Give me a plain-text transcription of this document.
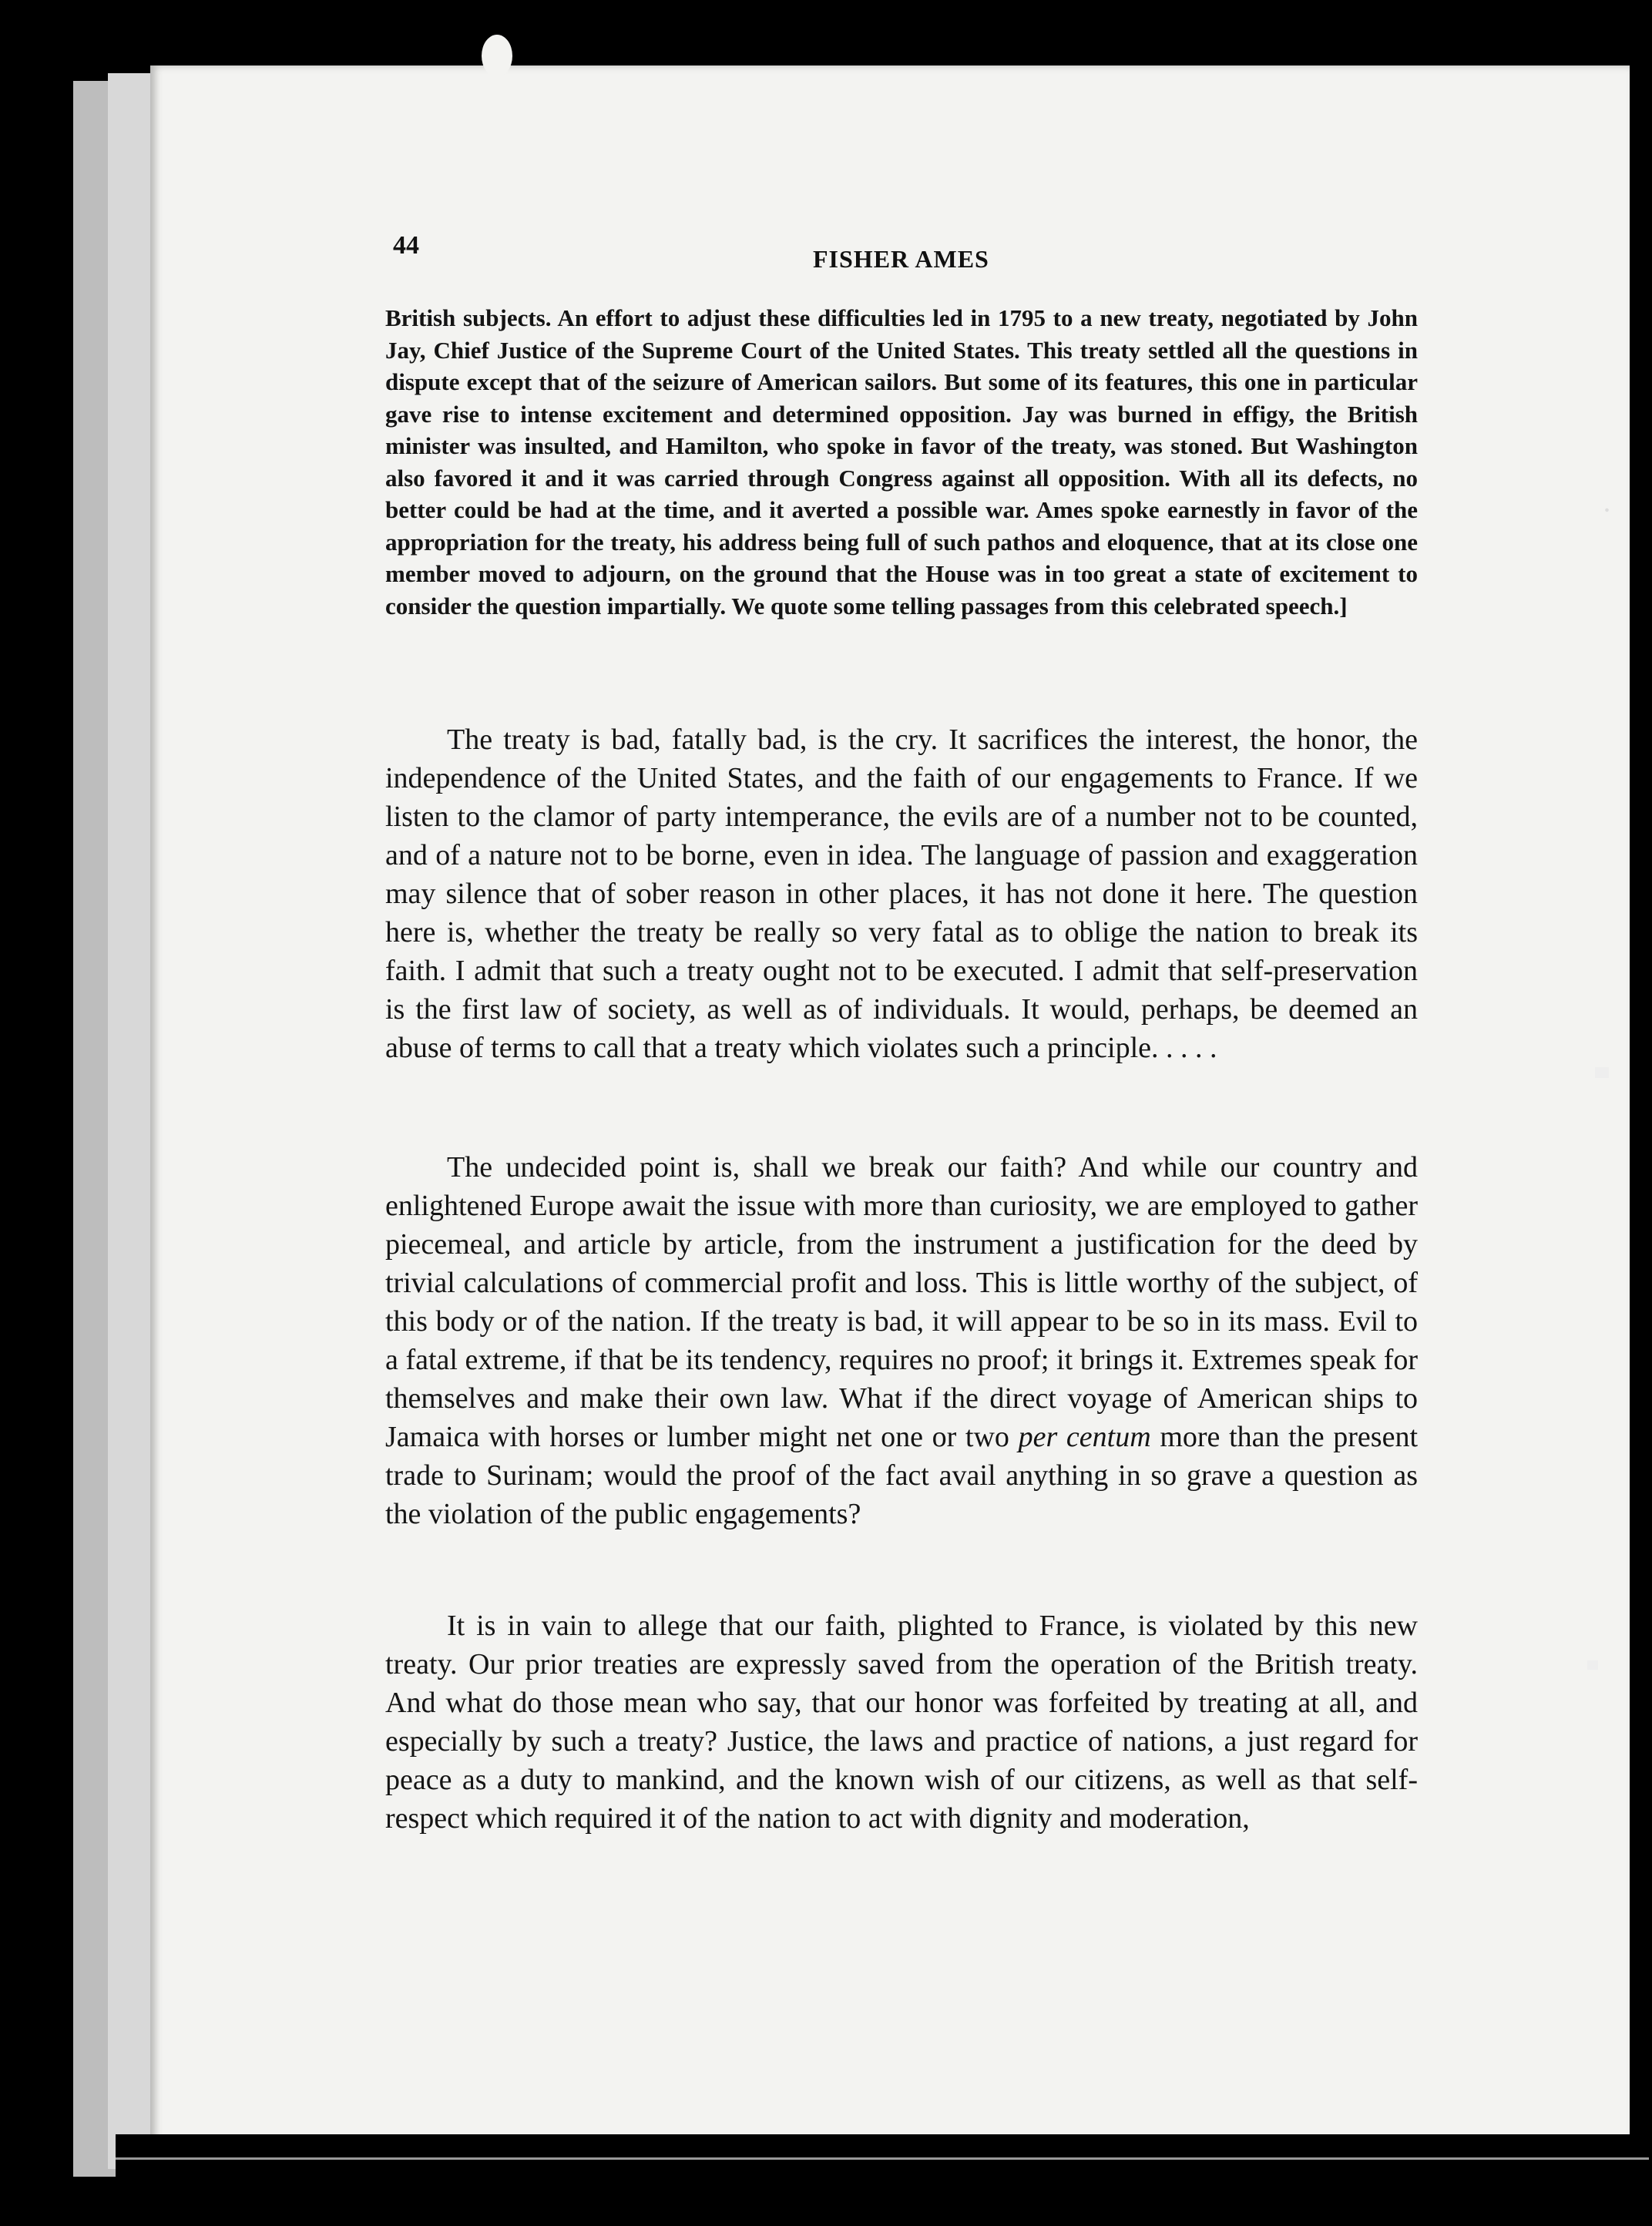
44	FISHER AMES
British subjects. An effort to adjust these difficulties led in 1795 to a new treaty, negotiated by John Jay, Chief Justice of the Supreme Court of the United States. This treaty settled all the questions in dispute except that of the seizure of American sailors. But some of its features, this one in particular gave rise to intense excitement and determined opposition. Jay was burned in effigy, the British minister was insulted, and Hamilton, who spoke in favor of the treaty, was stoned. But Washington also favored it and it was carried through Congress against all opposition. With all its defects, no better could be had at the time, and it averted a possible war. Ames spoke earnestly in favor of the appropriation for the treaty, his address being full of such pathos and eloquence, that at its close one member moved to adjourn, on the ground that the House was in too great a state of excitement to consider the question impartially. We quote some telling passages from this celebrated speech.]

The treaty is bad, fatally bad, is the cry. It sacrifices the interest, the honor, the independence of the United States, and the faith of our engagements to France. If we listen to the clamor of party intemperance, the evils are of a number not to be counted, and of a nature not to be borne, even in idea. The language of passion and exaggeration may silence that of sober reason in other places, it has not done it here. The question here is, whether the treaty be really so very fatal as to oblige the nation to break its faith. I admit that such a treaty ought not to be executed. I admit that self-preservation is the first law of society, as well as of individuals. It would, perhaps, be deemed an abuse of terms to call that a treaty which violates such a principle. . . . .

The undecided point is, shall we break our faith? And while our country and enlightened Europe await the issue with more than curiosity, we are employed to gather piecemeal, and article by article, from the instrument a justification for the deed by trivial calculations of commercial profit and loss. This is little worthy of the subject, of this body or of the nation. If the treaty is bad, it will appear to be so in its mass. Evil to a fatal extreme, if that be its tendency, requires no proof; it brings it. Extremes speak for themselves and make their own law. What if the direct voyage of American ships to Jamaica with horses or lumber might net one or two per centum more than the present trade to Surinam; would the proof of the fact avail anything in so grave a question as the violation of the public engagements?

It is in vain to allege that our faith, plighted to France, is violated by this new treaty. Our prior treaties are expressly saved from the operation of the British treaty. And what do those mean who say, that our honor was forfeited by treating at all, and especially by such a treaty? Justice, the laws and practice of nations, a just regard for peace as a duty to mankind, and the known wish of our citizens, as well as that self-respect which required it of the nation to act with dignity and moderation,

.
